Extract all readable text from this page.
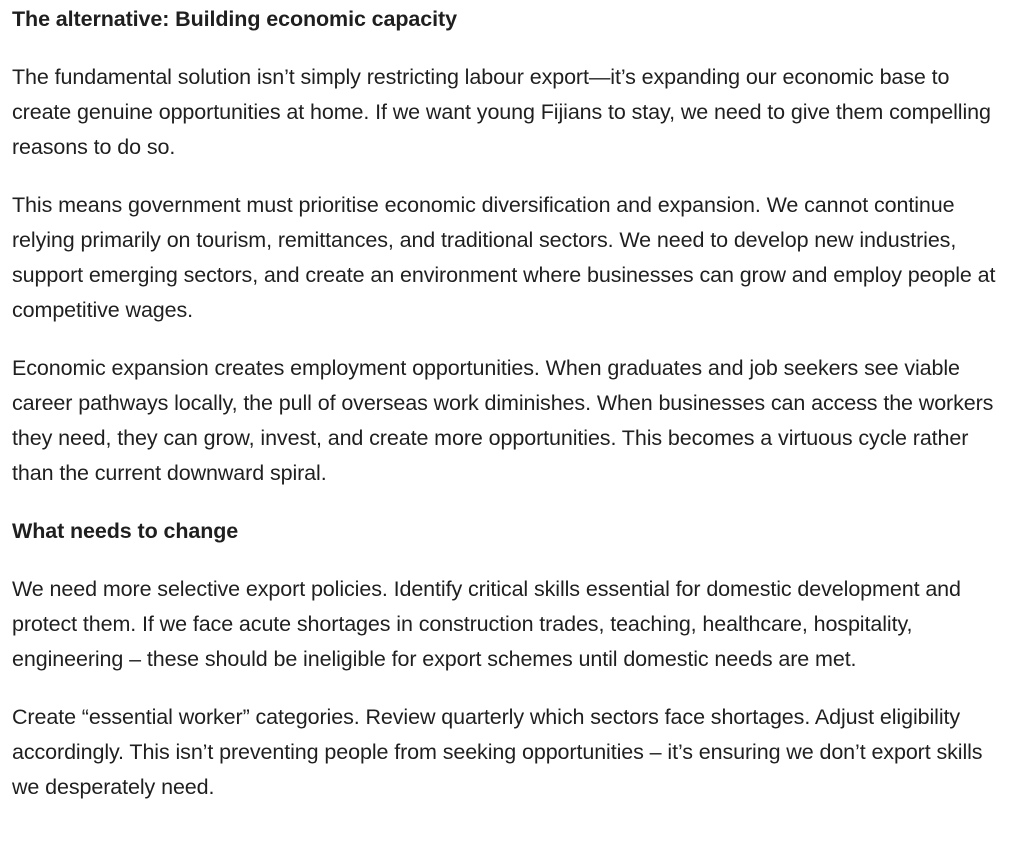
The alternative: Building economic capacity

The fundamental solution isn’t simply restricting labour export—it’s expanding our economic base to create genuine opportunities at home. If we want young Fijians to stay, we need to give them compelling reasons to do so.

This means government must prioritise economic diversification and expansion. We cannot continue relying primarily on tourism, remittances, and traditional sectors. We need to develop new industries, support emerging sectors, and create an environment where businesses can grow and employ people at competitive wages.

Economic expansion creates employment opportunities. When graduates and job seekers see viable career pathways locally, the pull of overseas work diminishes. When businesses can access the workers they need, they can grow, invest, and create more opportunities. This becomes a virtuous cycle rather than the current downward spiral.

What needs to change

We need more selective export policies. Identify critical skills essential for domestic development and protect them. If we face acute shortages in construction trades, teaching, healthcare, hospitality, engineering – these should be ineligible for export schemes until domestic needs are met.

Create “essential worker” categories. Review quarterly which sectors face shortages. Adjust eligibility accordingly. This isn’t preventing people from seeking opportunities – it’s ensuring we don’t export skills we desperately need.
